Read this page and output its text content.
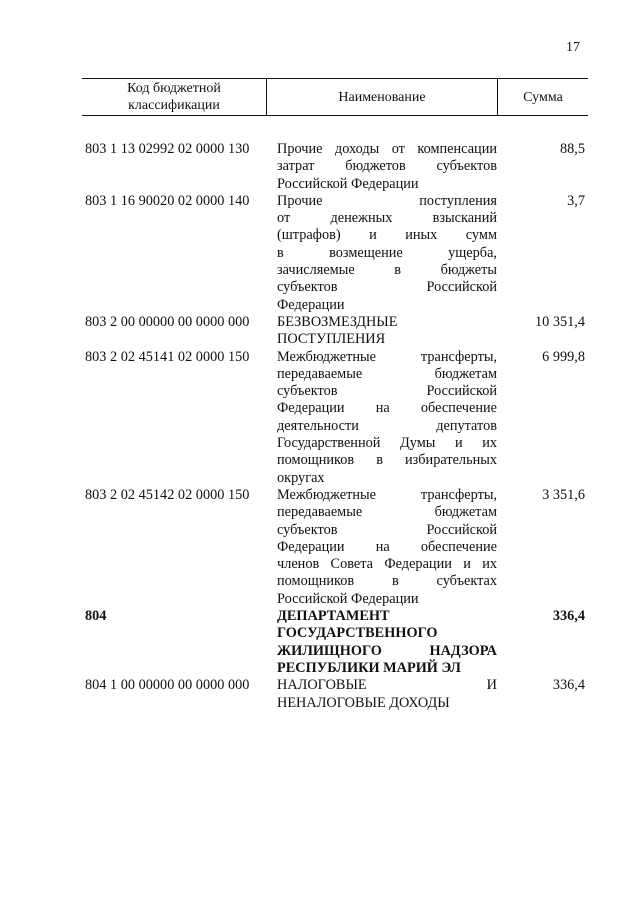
17
Код бюджетной классификации
Наименование	Сумма
803 1 13 02992 02 0000 130 Прочие доходы от компенсации
затрат бюджетов субъектов
Российской Федерации
88,5
803 1 16 90020 02 0000 140 Прочие поступления
от денежных взысканий
(штрафов) и иных сумм
в возмещение ущерба,
зачисляемые в бюджеты
субъектов Российской
Федерации
3,7
803 2 00 00000 00 0000 000 БЕЗВОЗМЕЗДНЫЕ
ПОСТУПЛЕНИЯ
10 351,4
803 2 02 45141 02 0000 150 Межбюджетные трансферты,
передаваемые бюджетам
субъектов Российской
Федерации на обеспечение
деятельности депутатов
Государственной Думы и их
помощников в избирательных
округах
6 999,8
803 2 02 45142 02 0000 150 Межбюджетные трансферты,
передаваемые бюджетам
субъектов Российской
Федерации на обеспечение
членов Совета Федерации и их
помощников в субъектах
Российской Федерации
3 351,6
804	ДЕПАРТАМЕНТ
ГОСУДАРСТВЕННОГО
ЖИЛИЩНОГО НАДЗОРА
РЕСПУБЛИКИ МАРИЙ ЭЛ
336,4
804 1 00 00000 00 0000 000 НАЛОГОВЫЕ И
НЕНАЛОГОВЫЕ ДОХОДЫ
336,4
